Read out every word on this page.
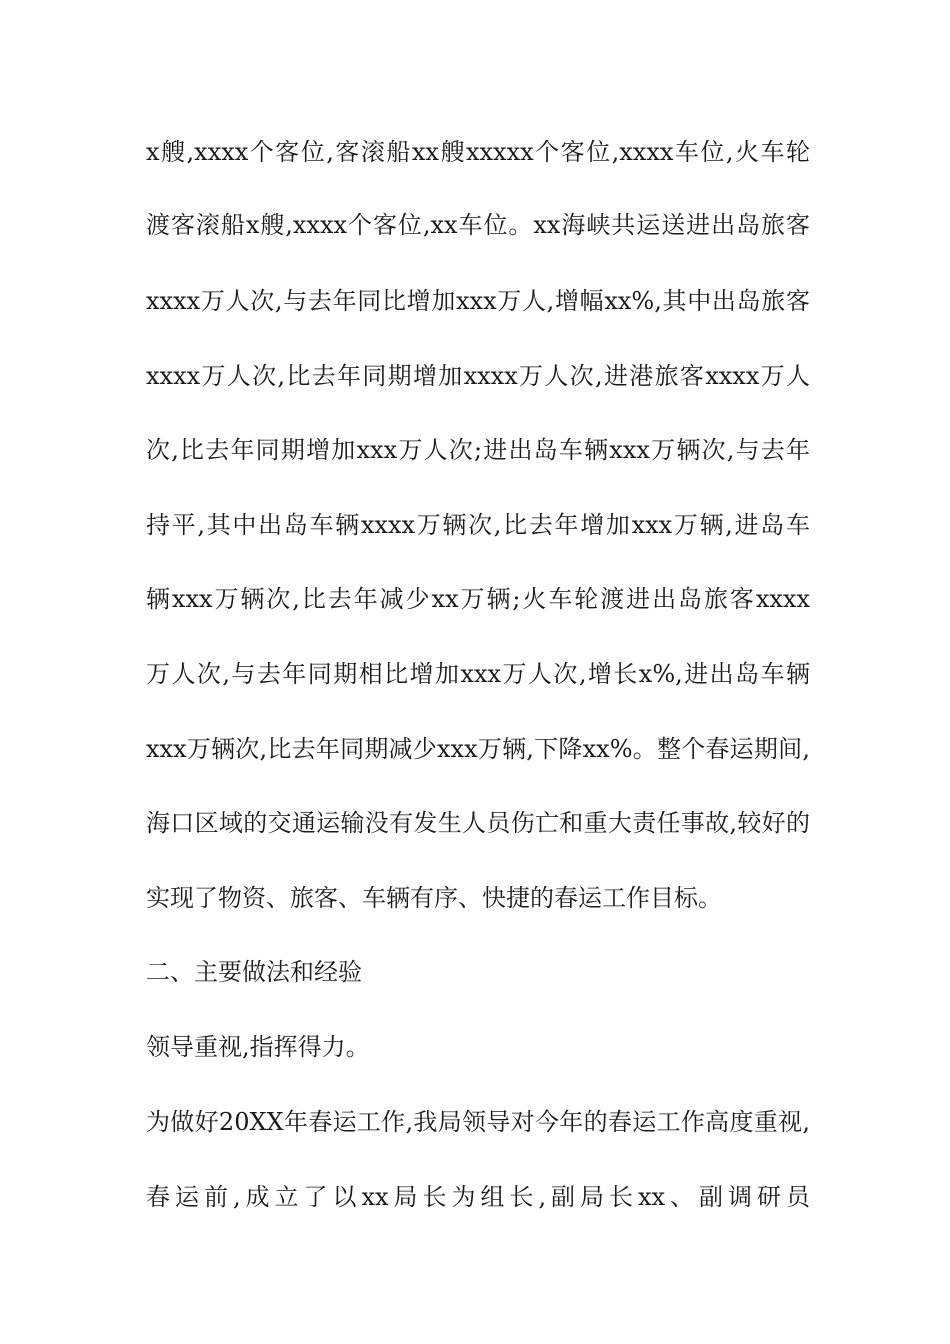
x艘,xxxx个客位,客滚船xx艘xxxxx个客位,xxxx车位,火车轮
渡客滚船x艘,xxxx个客位,xx车位。xx海峡共运送进出岛旅客
xxxx万人次,与去年同比增加xxx万人,增幅xx%,其中出岛旅客
xxxx万人次,比去年同期增加xxxx万人次,进港旅客xxxx万人
次,比去年同期增加xxx万人次;进出岛车辆xxx万辆次,与去年
持平,其中出岛车辆xxxx万辆次,比去年增加xxx万辆,进岛车
辆xxx万辆次,比去年减少xx万辆;火车轮渡进出岛旅客xxxx
万人次,与去年同期相比增加xxx万人次,增长x%,进出岛车辆
xxx万辆次,比去年同期减少xxx万辆,下降xx%。整个春运期间,
海口区域的交通运输没有发生人员伤亡和重大责任事故,较好的
实现了物资、旅客、车辆有序、快捷的春运工作目标。
二、主要做法和经验
领导重视,指挥得力。
为做好20XX年春运工作,我局领导对今年的春运工作高度重视,
春运前,成立了以xx局长为组长,副局长xx、副调研员
